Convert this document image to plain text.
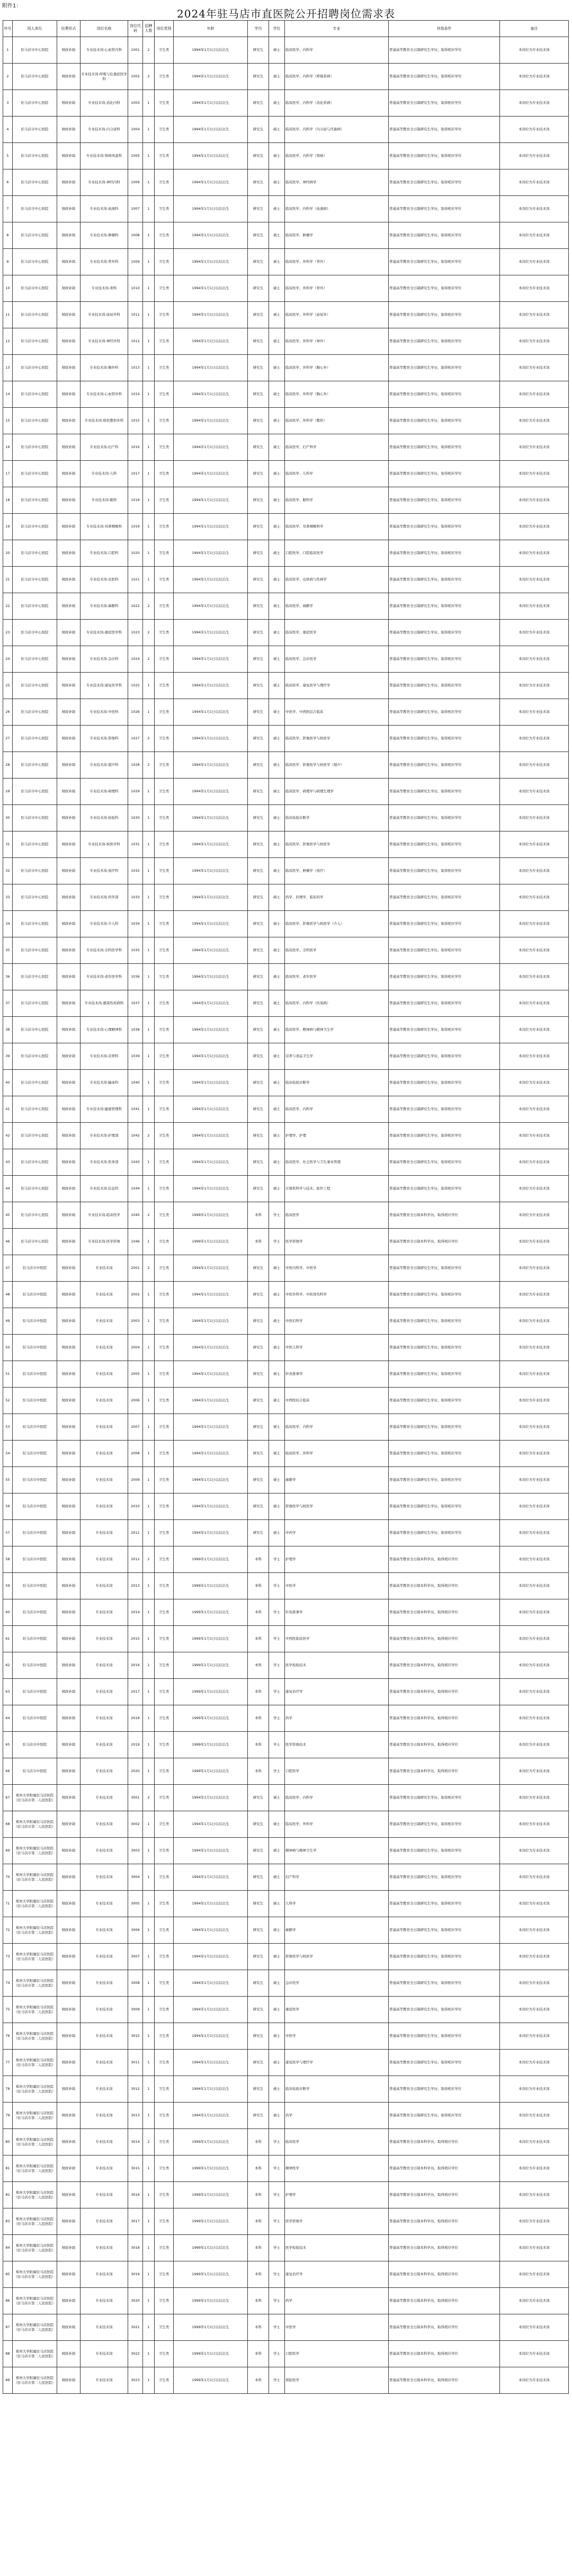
附件1：
2024年驻马店市直医院公开招聘岗位需求表
序号	用人单位	经费形式	岗位名称	岗位代码	招聘人数	岗位类别	年龄	学历	学位	专业	其他条件	备注
1	驻马店市中心医院	财政补助	专业技术岗-心血管内科	1001	2	卫生类	1994年1月1日以后出生	研究生	硕士	临床医学、内科学	普通高等教育全日制研究生学历，取得相应学位	本岗位为专业技术岗
2	驻马店市中心医院	财政补助	专业技术岗-呼吸与危重症医学科	1002	2	卫生类	1994年1月1日以后出生	研究生	硕士	临床医学、内科学（呼吸系病）	普通高等教育全日制研究生学历，取得相应学位	本岗位为专业技术岗
3	驻马店市中心医院	财政补助	专业技术岗-消化内科	1003	1	卫生类	1994年1月1日以后出生	研究生	硕士	临床医学、内科学（消化系病）	普通高等教育全日制研究生学历，取得相应学位	本岗位为专业技术岗
4	驻马店市中心医院	财政补助	专业技术岗-内分泌科	1004	1	卫生类	1994年1月1日以后出生	研究生	硕士	临床医学、内科学（内分泌与代谢病）	普通高等教育全日制研究生学历，取得相应学位	本岗位为专业技术岗
5	驻马店市中心医院	财政补助	专业技术岗-肾病风湿科	1005	1	卫生类	1994年1月1日以后出生	研究生	硕士	临床医学、内科学（肾病）	普通高等教育全日制研究生学历，取得相应学位	本岗位为专业技术岗
6	驻马店市中心医院	财政补助	专业技术岗-神经内科	1006	1	卫生类	1994年1月1日以后出生	研究生	硕士	临床医学、神经病学	普通高等教育全日制研究生学历，取得相应学位	本岗位为专业技术岗
7	驻马店市中心医院	财政补助	专业技术岗-血液科	1007	1	卫生类	1994年1月1日以后出生	研究生	硕士	临床医学、内科学（血液病）	普通高等教育全日制研究生学历，取得相应学位	本岗位为专业技术岗
8	驻马店市中心医院	财政补助	专业技术岗-肿瘤科	1008	1	卫生类	1994年1月1日以后出生	研究生	硕士	临床医学、肿瘤学	普通高等教育全日制研究生学历，取得相应学位	本岗位为专业技术岗
9	驻马店市中心医院	财政补助	专业技术岗-普外科	1009	1	卫生类	1994年1月1日以后出生	研究生	硕士	临床医学、外科学（普外）	普通高等教育全日制研究生学历，取得相应学位	本岗位为专业技术岗
10	驻马店市中心医院	财政补助	专业技术岗-骨科	1010	1	卫生类	1994年1月1日以后出生	研究生	硕士	临床医学、外科学（骨外）	普通高等教育全日制研究生学历，取得相应学位	本岗位为专业技术岗
11	驻马店市中心医院	财政补助	专业技术岗-泌尿外科	1011	1	卫生类	1994年1月1日以后出生	研究生	硕士	临床医学、外科学（泌尿外）	普通高等教育全日制研究生学历，取得相应学位	本岗位为专业技术岗
12	驻马店市中心医院	财政补助	专业技术岗-神经外科	1012	1	卫生类	1994年1月1日以后出生	研究生	硕士	临床医学、外科学（神外）	普通高等教育全日制研究生学历，取得相应学位	本岗位为专业技术岗
13	驻马店市中心医院	财政补助	专业技术岗-胸外科	1013	1	卫生类	1994年1月1日以后出生	研究生	硕士	临床医学、外科学（胸心外）	普通高等教育全日制研究生学历，取得相应学位	本岗位为专业技术岗
14	驻马店市中心医院	财政补助	专业技术岗-心血管外科	1014	1	卫生类	1994年1月1日以后出生	研究生	硕士	临床医学、外科学（胸心外）	普通高等教育全日制研究生学历，取得相应学位	本岗位为专业技术岗
15	驻马店市中心医院	财政补助	专业技术岗-烧伤整形外科	1015	1	卫生类	1994年1月1日以后出生	研究生	硕士	临床医学、外科学（整形）	普通高等教育全日制研究生学历，取得相应学位	本岗位为专业技术岗
16	驻马店市中心医院	财政补助	专业技术岗-妇产科	1016	1	卫生类	1994年1月1日以后出生	研究生	硕士	临床医学、妇产科学	普通高等教育全日制研究生学历，取得相应学位	本岗位为专业技术岗
17	驻马店市中心医院	财政补助	专业技术岗-儿科	1017	1	卫生类	1994年1月1日以后出生	研究生	硕士	临床医学、儿科学	普通高等教育全日制研究生学历，取得相应学位	本岗位为专业技术岗
18	驻马店市中心医院	财政补助	专业技术岗-眼科	1018	1	卫生类	1994年1月1日以后出生	研究生	硕士	临床医学、眼科学	普通高等教育全日制研究生学历，取得相应学位	本岗位为专业技术岗
19	驻马店市中心医院	财政补助	专业技术岗-耳鼻咽喉科	1019	1	卫生类	1994年1月1日以后出生	研究生	硕士	临床医学、耳鼻咽喉科学	普通高等教育全日制研究生学历，取得相应学位	本岗位为专业技术岗
20	驻马店市中心医院	财政补助	专业技术岗-口腔科	1020	1	卫生类	1994年1月1日以后出生	研究生	硕士	口腔医学、口腔临床医学	普通高等教育全日制研究生学历，取得相应学位	本岗位为专业技术岗
21	驻马店市中心医院	财政补助	专业技术岗-皮肤科	1021	1	卫生类	1994年1月1日以后出生	研究生	硕士	临床医学、皮肤病与性病学	普通高等教育全日制研究生学历，取得相应学位	本岗位为专业技术岗
22	驻马店市中心医院	财政补助	专业技术岗-麻醉科	1022	2	卫生类	1994年1月1日以后出生	研究生	硕士	临床医学、麻醉学	普通高等教育全日制研究生学历，取得相应学位	本岗位为专业技术岗
23	驻马店市中心医院	财政补助	专业技术岗-重症医学科	1023	2	卫生类	1994年1月1日以后出生	研究生	硕士	临床医学、重症医学	普通高等教育全日制研究生学历，取得相应学位	本岗位为专业技术岗
24	驻马店市中心医院	财政补助	专业技术岗-急诊科	1024	2	卫生类	1994年1月1日以后出生	研究生	硕士	临床医学、急诊医学	普通高等教育全日制研究生学历，取得相应学位	本岗位为专业技术岗
25	驻马店市中心医院	财政补助	专业技术岗-康复医学科	1025	1	卫生类	1994年1月1日以后出生	研究生	硕士	临床医学、康复医学与理疗学	普通高等教育全日制研究生学历，取得相应学位	本岗位为专业技术岗
26	驻马店市中心医院	财政补助	专业技术岗-中医科	1026	1	卫生类	1994年1月1日以后出生	研究生	硕士	中医学、中西医结合临床	普通高等教育全日制研究生学历，取得相应学位	本岗位为专业技术岗
27	驻马店市中心医院	财政补助	专业技术岗-影像科	1027	2	卫生类	1994年1月1日以后出生	研究生	硕士	临床医学、影像医学与核医学	普通高等教育全日制研究生学历，取得相应学位	本岗位为专业技术岗
28	驻马店市中心医院	财政补助	专业技术岗-超声科	1028	2	卫生类	1994年1月1日以后出生	研究生	硕士	临床医学、影像医学与核医学（超声）	普通高等教育全日制研究生学历，取得相应学位	本岗位为专业技术岗
29	驻马店市中心医院	财政补助	专业技术岗-病理科	1029	1	卫生类	1994年1月1日以后出生	研究生	硕士	临床医学、病理学与病理生理学	普通高等教育全日制研究生学历，取得相应学位	本岗位为专业技术岗
30	驻马店市中心医院	财政补助	专业技术岗-检验科	1030	1	卫生类	1994年1月1日以后出生	研究生	硕士	临床检验诊断学	普通高等教育全日制研究生学历，取得相应学位	本岗位为专业技术岗
31	驻马店市中心医院	财政补助	专业技术岗-核医学科	1031	1	卫生类	1994年1月1日以后出生	研究生	硕士	临床医学、影像医学与核医学	普通高等教育全日制研究生学历，取得相应学位	本岗位为专业技术岗
32	驻马店市中心医院	财政补助	专业技术岗-放疗科	1032	1	卫生类	1994年1月1日以后出生	研究生	硕士	临床医学、肿瘤学（放疗）	普通高等教育全日制研究生学历，取得相应学位	本岗位为专业技术岗
33	驻马店市中心医院	财政补助	专业技术岗-药学部	1033	1	卫生类	1994年1月1日以后出生	研究生	硕士	药学、药理学、临床药学	普通高等教育全日制研究生学历，取得相应学位	本岗位为专业技术岗
34	驻马店市中心医院	财政补助	专业技术岗-介入科	1034	1	卫生类	1994年1月1日以后出生	研究生	硕士	临床医学、影像医学与核医学（介入）	普通高等教育全日制研究生学历，取得相应学位	本岗位为专业技术岗
35	驻马店市中心医院	财政补助	专业技术岗-全科医学科	1035	1	卫生类	1994年1月1日以后出生	研究生	硕士	临床医学、全科医学	普通高等教育全日制研究生学历，取得相应学位	本岗位为专业技术岗
36	驻马店市中心医院	财政补助	专业技术岗-老年医学科	1036	1	卫生类	1994年1月1日以后出生	研究生	硕士	临床医学、老年医学	普通高等教育全日制研究生学历，取得相应学位	本岗位为专业技术岗
37	驻马店市中心医院	财政补助	专业技术岗-感染性疾病科	1037	1	卫生类	1994年1月1日以后出生	研究生	硕士	临床医学、内科学（传染病）	普通高等教育全日制研究生学历，取得相应学位	本岗位为专业技术岗
38	驻马店市中心医院	财政补助	专业技术岗-心理精神科	1038	1	卫生类	1994年1月1日以后出生	研究生	硕士	临床医学、精神病与精神卫生学	普通高等教育全日制研究生学历，取得相应学位	本岗位为专业技术岗
39	驻马店市中心医院	财政补助	专业技术岗-营养科	1039	1	卫生类	1994年1月1日以后出生	研究生	硕士	营养与食品卫生学	普通高等教育全日制研究生学历，取得相应学位	本岗位为专业技术岗
40	驻马店市中心医院	财政补助	专业技术岗-输血科	1040	1	卫生类	1994年1月1日以后出生	研究生	硕士	临床检验诊断学	普通高等教育全日制研究生学历，取得相应学位	本岗位为专业技术岗
41	驻马店市中心医院	财政补助	专业技术岗-健康管理科	1041	1	卫生类	1994年1月1日以后出生	研究生	硕士	临床医学、内科学	普通高等教育全日制研究生学历，取得相应学位	本岗位为专业技术岗
42	驻马店市中心医院	财政补助	专业技术岗-护理部	1042	2	卫生类	1994年1月1日以后出生	研究生	硕士	护理学、护理	普通高等教育全日制研究生学历，取得相应学位	本岗位为专业技术岗
43	驻马店市中心医院	财政补助	专业技术岗-医务部	1043	1	卫生类	1994年1月1日以后出生	研究生	硕士	临床医学、社会医学与卫生事业管理	普通高等教育全日制研究生学历，取得相应学位	本岗位为专业技术岗
44	驻马店市中心医院	财政补助	专业技术岗-信息科	1044	1	卫生类	1994年1月1日以后出生	研究生	硕士	计算机科学与技术、软件工程	普通高等教育全日制研究生学历，取得相应学位	本岗位为专业技术岗
45	驻马店市中心医院	财政补助	专业技术岗-临床医学	1045	2	卫生类	1999年1月1日以后出生	本科	学士	临床医学	普通高等教育全日制本科学历，取得相应学位	本岗位为专业技术岗
46	驻马店市中心医院	财政补助	专业技术岗-医学影像	1046	1	卫生类	1999年1月1日以后出生	本科	学士	医学影像学	普通高等教育全日制本科学历，取得相应学位	本岗位为专业技术岗
47	驻马店市中医院	财政补助	专业技术岗	2001	2	卫生类	1994年1月1日以后出生	研究生	硕士	中医内科学、中医学	普通高等教育全日制研究生学历，取得相应学位	本岗位为专业技术岗
48	驻马店市中医院	财政补助	专业技术岗	2002	1	卫生类	1994年1月1日以后出生	研究生	硕士	中医外科学、中医骨伤科学	普通高等教育全日制研究生学历，取得相应学位	本岗位为专业技术岗
49	驻马店市中医院	财政补助	专业技术岗	2003	1	卫生类	1994年1月1日以后出生	研究生	硕士	中医妇科学	普通高等教育全日制研究生学历，取得相应学位	本岗位为专业技术岗
50	驻马店市中医院	财政补助	专业技术岗	2004	1	卫生类	1994年1月1日以后出生	研究生	硕士	中医儿科学	普通高等教育全日制研究生学历，取得相应学位	本岗位为专业技术岗
51	驻马店市中医院	财政补助	专业技术岗	2005	1	卫生类	1994年1月1日以后出生	研究生	硕士	针灸推拿学	普通高等教育全日制研究生学历，取得相应学位	本岗位为专业技术岗
52	驻马店市中医院	财政补助	专业技术岗	2006	1	卫生类	1994年1月1日以后出生	研究生	硕士	中西医结合临床	普通高等教育全日制研究生学历，取得相应学位	本岗位为专业技术岗
53	驻马店市中医院	财政补助	专业技术岗	2007	1	卫生类	1994年1月1日以后出生	研究生	硕士	临床医学、内科学	普通高等教育全日制研究生学历，取得相应学位	本岗位为专业技术岗
54	驻马店市中医院	财政补助	专业技术岗	2008	1	卫生类	1994年1月1日以后出生	研究生	硕士	临床医学、外科学	普通高等教育全日制研究生学历，取得相应学位	本岗位为专业技术岗
55	驻马店市中医院	财政补助	专业技术岗	2009	1	卫生类	1994年1月1日以后出生	研究生	硕士	麻醉学	普通高等教育全日制研究生学历，取得相应学位	本岗位为专业技术岗
56	驻马店市中医院	财政补助	专业技术岗	2010	1	卫生类	1994年1月1日以后出生	研究生	硕士	影像医学与核医学	普通高等教育全日制研究生学历，取得相应学位	本岗位为专业技术岗
57	驻马店市中医院	财政补助	专业技术岗	2011	1	卫生类	1994年1月1日以后出生	研究生	硕士	中药学	普通高等教育全日制研究生学历，取得相应学位	本岗位为专业技术岗
58	驻马店市中医院	财政补助	专业技术岗	2012	2	卫生类	1999年1月1日以后出生	本科	学士	护理学	普通高等教育全日制本科学历，取得相应学位	本岗位为专业技术岗
59	驻马店市中医院	财政补助	专业技术岗	2013	1	卫生类	1999年1月1日以后出生	本科	学士	中医学	普通高等教育全日制本科学历，取得相应学位	本岗位为专业技术岗
60	驻马店市中医院	财政补助	专业技术岗	2014	1	卫生类	1999年1月1日以后出生	本科	学士	针灸推拿学	普通高等教育全日制本科学历，取得相应学位	本岗位为专业技术岗
61	驻马店市中医院	财政补助	专业技术岗	2015	1	卫生类	1999年1月1日以后出生	本科	学士	中西医临床医学	普通高等教育全日制本科学历，取得相应学位	本岗位为专业技术岗
62	驻马店市中医院	财政补助	专业技术岗	2016	1	卫生类	1999年1月1日以后出生	本科	学士	医学检验技术	普通高等教育全日制本科学历，取得相应学位	本岗位为专业技术岗
63	驻马店市中医院	财政补助	专业技术岗	2017	1	卫生类	1999年1月1日以后出生	本科	学士	康复治疗学	普通高等教育全日制本科学历，取得相应学位	本岗位为专业技术岗
64	驻马店市中医院	财政补助	专业技术岗	2018	1	卫生类	1999年1月1日以后出生	本科	学士	药学	普通高等教育全日制本科学历，取得相应学位	本岗位为专业技术岗
65	驻马店市中医院	财政补助	专业技术岗	2019	1	卫生类	1999年1月1日以后出生	本科	学士	医学影像技术	普通高等教育全日制本科学历，取得相应学位	本岗位为专业技术岗
66	驻马店市中医院	财政补助	专业技术岗	2020	1	卫生类	1999年1月1日以后出生	本科	学士	口腔医学	普通高等教育全日制本科学历，取得相应学位	本岗位为专业技术岗
67	郑州大学附属驻马店医院（驻马店市第二人民医院）	财政补助	专业技术岗	3001	2	卫生类	1994年1月1日以后出生	研究生	硕士	临床医学、内科学	普通高等教育全日制研究生学历，取得相应学位	本岗位为专业技术岗
68	郑州大学附属驻马店医院（驻马店市第二人民医院）	财政补助	专业技术岗	3002	1	卫生类	1994年1月1日以后出生	研究生	硕士	临床医学、外科学	普通高等教育全日制研究生学历，取得相应学位	本岗位为专业技术岗
69	郑州大学附属驻马店医院（驻马店市第二人民医院）	财政补助	专业技术岗	3003	1	卫生类	1994年1月1日以后出生	研究生	硕士	精神病与精神卫生学	普通高等教育全日制研究生学历，取得相应学位	本岗位为专业技术岗
70	郑州大学附属驻马店医院（驻马店市第二人民医院）	财政补助	专业技术岗	3004	1	卫生类	1994年1月1日以后出生	研究生	硕士	妇产科学	普通高等教育全日制研究生学历，取得相应学位	本岗位为专业技术岗
71	郑州大学附属驻马店医院（驻马店市第二人民医院）	财政补助	专业技术岗	3005	1	卫生类	1994年1月1日以后出生	研究生	硕士	儿科学	普通高等教育全日制研究生学历，取得相应学位	本岗位为专业技术岗
72	郑州大学附属驻马店医院（驻马店市第二人民医院）	财政补助	专业技术岗	3006	1	卫生类	1994年1月1日以后出生	研究生	硕士	麻醉学	普通高等教育全日制研究生学历，取得相应学位	本岗位为专业技术岗
73	郑州大学附属驻马店医院（驻马店市第二人民医院）	财政补助	专业技术岗	3007	1	卫生类	1994年1月1日以后出生	研究生	硕士	影像医学与核医学	普通高等教育全日制研究生学历，取得相应学位	本岗位为专业技术岗
74	郑州大学附属驻马店医院（驻马店市第二人民医院）	财政补助	专业技术岗	3008	1	卫生类	1994年1月1日以后出生	研究生	硕士	急诊医学	普通高等教育全日制研究生学历，取得相应学位	本岗位为专业技术岗
75	郑州大学附属驻马店医院（驻马店市第二人民医院）	财政补助	专业技术岗	3009	1	卫生类	1994年1月1日以后出生	研究生	硕士	重症医学	普通高等教育全日制研究生学历，取得相应学位	本岗位为专业技术岗
76	郑州大学附属驻马店医院（驻马店市第二人民医院）	财政补助	专业技术岗	3010	1	卫生类	1994年1月1日以后出生	研究生	硕士	中医学	普通高等教育全日制研究生学历，取得相应学位	本岗位为专业技术岗
77	郑州大学附属驻马店医院（驻马店市第二人民医院）	财政补助	专业技术岗	3011	1	卫生类	1994年1月1日以后出生	研究生	硕士	康复医学与理疗学	普通高等教育全日制研究生学历，取得相应学位	本岗位为专业技术岗
78	郑州大学附属驻马店医院（驻马店市第二人民医院）	财政补助	专业技术岗	3012	1	卫生类	1994年1月1日以后出生	研究生	硕士	临床检验诊断学	普通高等教育全日制研究生学历，取得相应学位	本岗位为专业技术岗
79	郑州大学附属驻马店医院（驻马店市第二人民医院）	财政补助	专业技术岗	3013	1	卫生类	1994年1月1日以后出生	研究生	硕士	药学	普通高等教育全日制研究生学历，取得相应学位	本岗位为专业技术岗
80	郑州大学附属驻马店医院（驻马店市第二人民医院）	财政补助	专业技术岗	3014	2	卫生类	1999年1月1日以后出生	本科	学士	临床医学	普通高等教育全日制本科学历，取得相应学位	本岗位为专业技术岗
81	郑州大学附属驻马店医院（驻马店市第二人民医院）	财政补助	专业技术岗	3015	1	卫生类	1999年1月1日以后出生	本科	学士	精神医学	普通高等教育全日制本科学历，取得相应学位	本岗位为专业技术岗
82	郑州大学附属驻马店医院（驻马店市第二人民医院）	财政补助	专业技术岗	3016	1	卫生类	1999年1月1日以后出生	本科	学士	护理学	普通高等教育全日制本科学历，取得相应学位	本岗位为专业技术岗
83	郑州大学附属驻马店医院（驻马店市第二人民医院）	财政补助	专业技术岗	3017	1	卫生类	1999年1月1日以后出生	本科	学士	医学影像学	普通高等教育全日制本科学历，取得相应学位	本岗位为专业技术岗
84	郑州大学附属驻马店医院（驻马店市第二人民医院）	财政补助	专业技术岗	3018	1	卫生类	1999年1月1日以后出生	本科	学士	医学检验技术	普通高等教育全日制本科学历，取得相应学位	本岗位为专业技术岗
85	郑州大学附属驻马店医院（驻马店市第二人民医院）	财政补助	专业技术岗	3019	1	卫生类	1999年1月1日以后出生	本科	学士	康复治疗学	普通高等教育全日制本科学历，取得相应学位	本岗位为专业技术岗
86	郑州大学附属驻马店医院（驻马店市第二人民医院）	财政补助	专业技术岗	3020	1	卫生类	1999年1月1日以后出生	本科	学士	药学	普通高等教育全日制本科学历，取得相应学位	本岗位为专业技术岗
87	郑州大学附属驻马店医院（驻马店市第二人民医院）	财政补助	专业技术岗	3021	1	卫生类	1999年1月1日以后出生	本科	学士	中医学	普通高等教育全日制本科学历，取得相应学位	本岗位为专业技术岗
88	郑州大学附属驻马店医院（驻马店市第二人民医院）	财政补助	专业技术岗	3022	1	卫生类	1999年1月1日以后出生	本科	学士	口腔医学	普通高等教育全日制本科学历，取得相应学位	本岗位为专业技术岗
89	郑州大学附属驻马店医院（驻马店市第二人民医院）	财政补助	专业技术岗	3023	1	卫生类	1999年1月1日以后出生	本科	学士	预防医学	普通高等教育全日制本科学历，取得相应学位	本岗位为专业技术岗
